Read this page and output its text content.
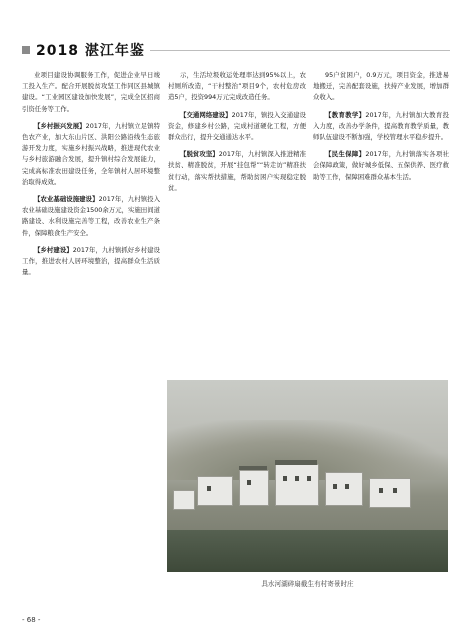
2018 湛江年鉴

业项目建设协调服务工作，促进企业早日竣工投入生产。配合开展脱贫攻坚工作同区县城镇建设。“工业园区建设加快发展”，完成全区招商引资任务等工作。

【乡村振兴发展】2017年，九村镇立足镇特色农产业，加大东山片区、洪阳公路沿线生态旅游开发力度，实施乡村振兴战略，推进现代农业与乡村旅游融合发展，提升镇村综合发展能力，完成高标准农田建设任务，全年镇村人居环境整治取得成效。

【农业基础设施建设】2017年，九村镇投入农业基础设施建设资金1500余万元，实施田间道路建设、水利设施完善等工程，改善农业生产条件，保障粮食生产安全。

【乡村建设】2017年，九村镇抓好乡村建设工作，推进农村人居环境整治，提高群众生活质量。

示，生活垃圾收运处理率达到95%以上，农村厕所改造，“干村整治”项目9个，农村危房改造5户，投资994万元完成改造任务。

【交通网络建设】2017年，镇投入交通建设资金，修建乡村公路，完成村道硬化工程，方便群众出行，提升交通通达水平。

【脱贫攻坚】2017年，九村镇深入推进精准扶贫、精准脱贫，开展“挂包帮”“转走访”精准扶贫行动，落实帮扶措施，帮助贫困户实现稳定脱贫。

95户贫困户，0.9万元，项目资金，推进易地搬迁，完善配套设施，扶持产业发展，增加群众收入。

【教育教学】2017年，九村镇加大教育投入力度，改善办学条件，提高教育教学质量，教师队伍建设不断加强，学校管理水平稳步提升。

【民生保障】2017年，九村镇落实各项社会保障政策，做好城乡低保、五保供养、医疗救助等工作，保障困难群众基本生活。

具水河湖碎扇截生有村寄景时庄
- 68 -
